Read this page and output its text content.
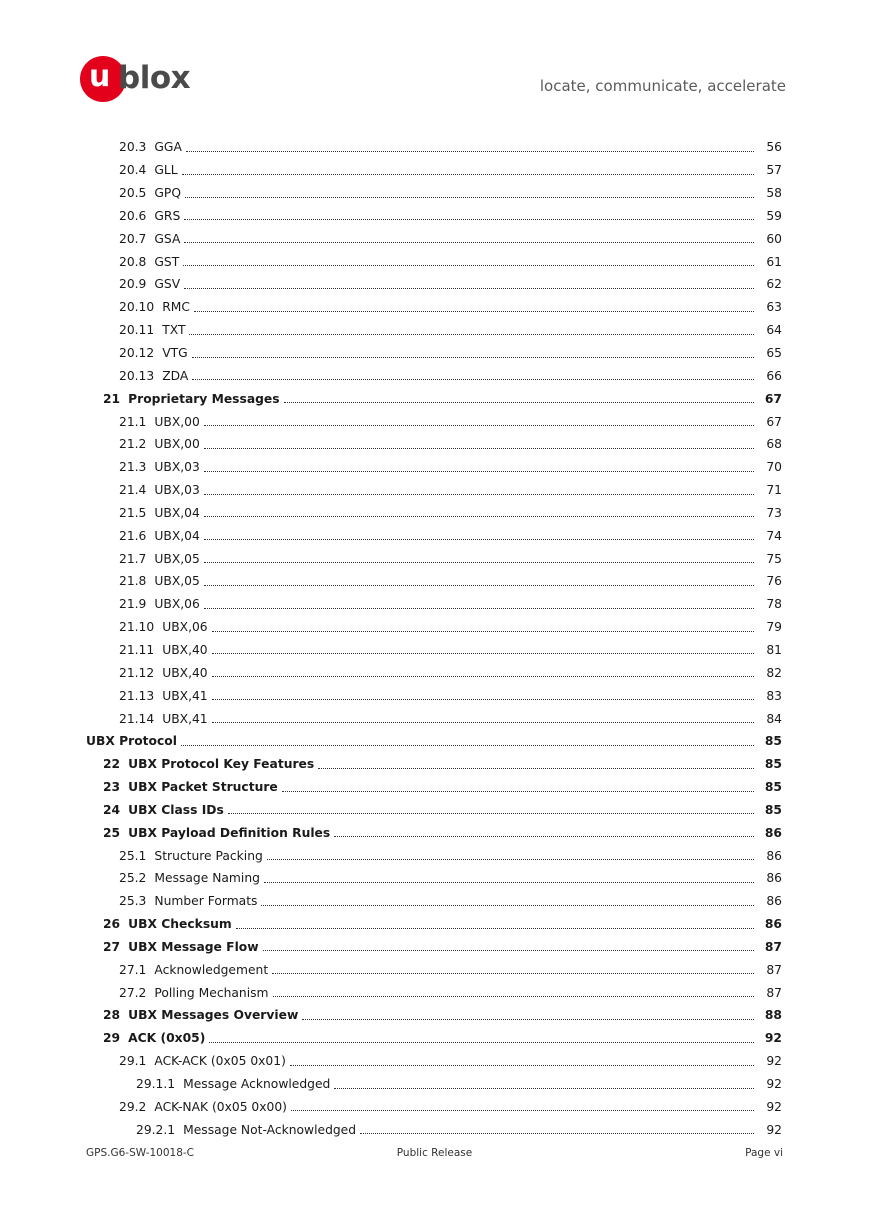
u blox	locate, communicate, accelerate
20.3 GGA	56
20.4 GLL	57
20.5 GPQ	58
20.6 GRS	59
20.7 GSA	60
20.8 GST	61
20.9 GSV	62
20.10 RMC	63
20.11 TXT	64
20.12 VTG	65
20.13 ZDA	66
21 Proprietary Messages	67
21.1 UBX,00	67
21.2 UBX,00	68
21.3 UBX,03	70
21.4 UBX,03	71
21.5 UBX,04	73
21.6 UBX,04	74
21.7 UBX,05	75
21.8 UBX,05	76
21.9 UBX,06	78
21.10 UBX,06	79
21.11 UBX,40	81
21.12 UBX,40	82
21.13 UBX,41	83
21.14 UBX,41	84
UBX Protocol	85
22 UBX Protocol Key Features	85
23 UBX Packet Structure	85
24 UBX Class IDs	85
25 UBX Payload Definition Rules	86
25.1 Structure Packing	86
25.2 Message Naming	86
25.3 Number Formats	86
26 UBX Checksum	86
27 UBX Message Flow	87
27.1 Acknowledgement	87
27.2 Polling Mechanism	87
28 UBX Messages Overview	88
29 ACK (0x05)	92
29.1 ACK-ACK (0x05 0x01)	92
29.1.1 Message Acknowledged	92
29.2 ACK-NAK (0x05 0x00)	92
29.2.1 Message Not-Acknowledged	92
GPS.G6-SW-10018-C	Public Release	Page vi
